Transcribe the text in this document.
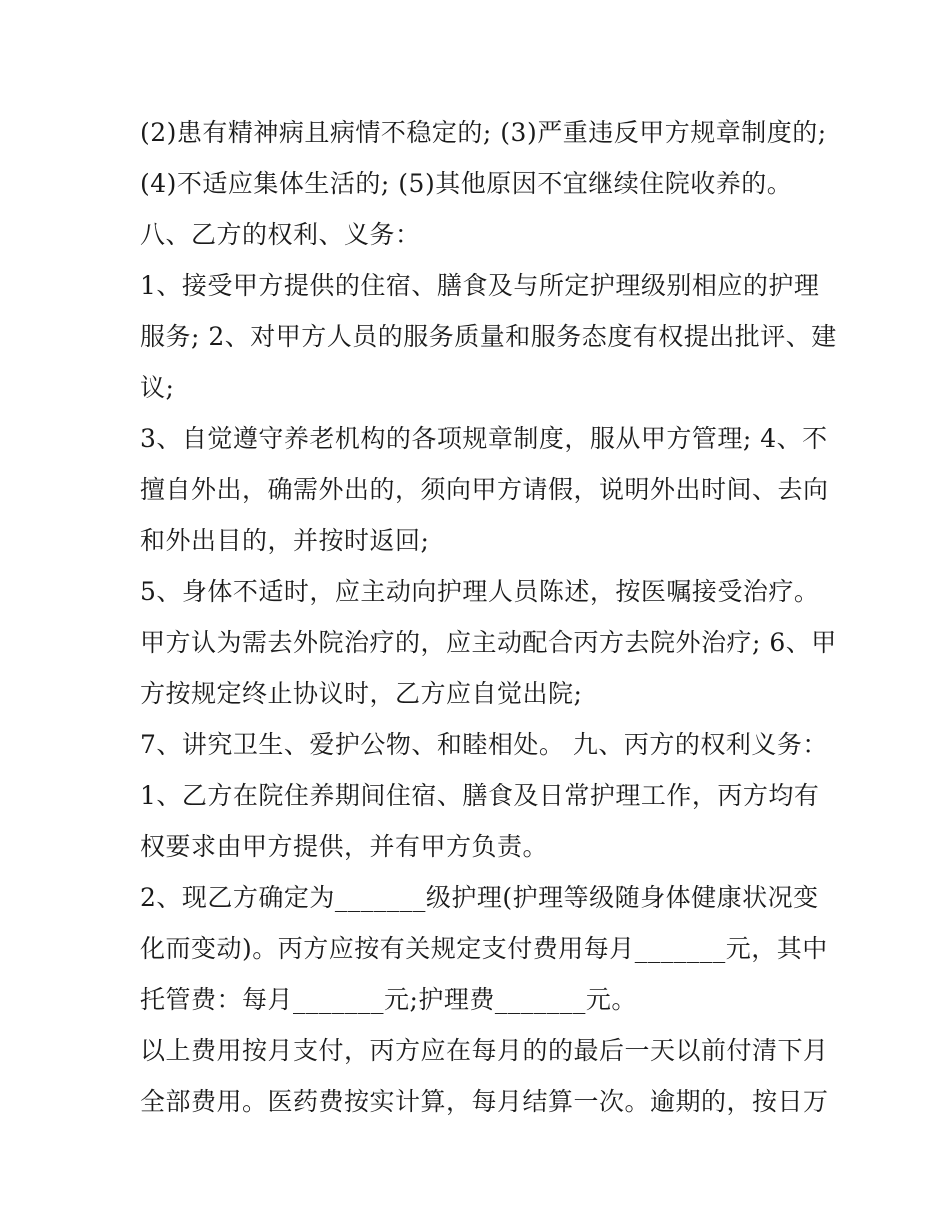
(2)患有精神病且病情不稳定的; (3)严重违反甲方规章制度的;
(4)不适应集体生活的; (5)其他原因不宜继续住院收养的。
八、乙方的权利、义务：
1、接受甲方提供的住宿、膳食及与所定护理级别相应的护理
服务; 2、对甲方人员的服务质量和服务态度有权提出批评、建
议;
3、自觉遵守养老机构的各项规章制度，服从甲方管理; 4、不
擅自外出，确需外出的，须向甲方请假，说明外出时间、去向
和外出目的，并按时返回;
5、身体不适时，应主动向护理人员陈述，按医嘱接受治疗。
甲方认为需去外院治疗的，应主动配合丙方去院外治疗; 6、甲
方按规定终止协议时，乙方应自觉出院;
7、讲究卫生、爱护公物、和睦相处。 九、丙方的权利义务：
1、乙方在院住养期间住宿、膳食及日常护理工作，丙方均有
权要求由甲方提供，并有甲方负责。
2、现乙方确定为_______级护理(护理等级随身体健康状况变
化而变动)。丙方应按有关规定支付费用每月_______元，其中
托管费：每月_______元;护理费_______元。
以上费用按月支付，丙方应在每月的的最后一天以前付清下月
全部费用。医药费按实计算，每月结算一次。逾期的，按日万
